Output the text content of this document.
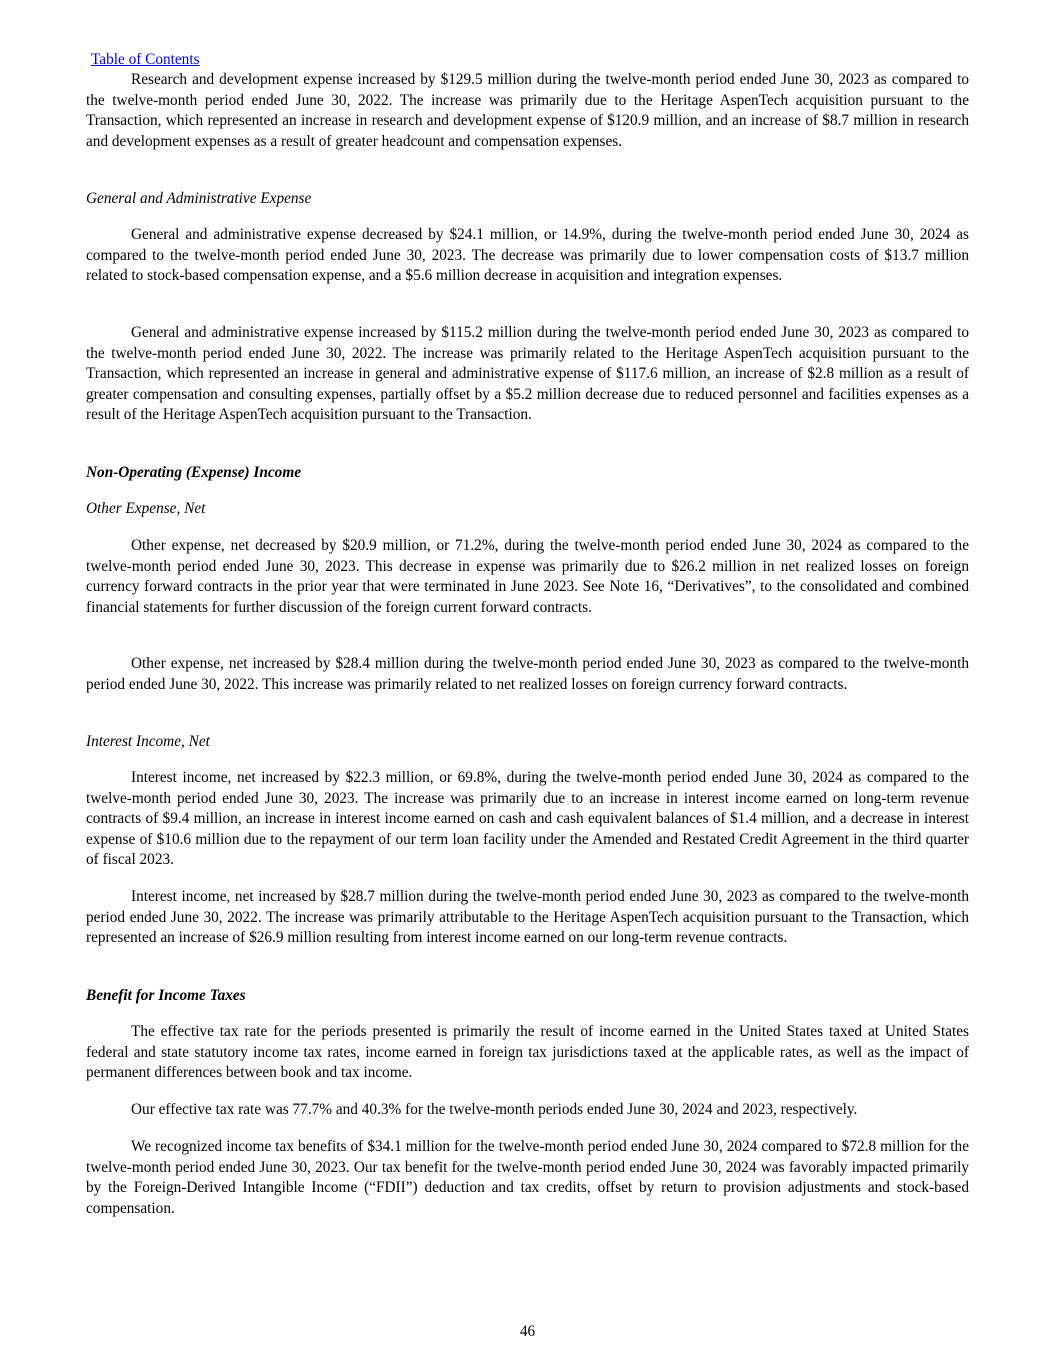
Table of Contents

Research and development expense increased by $129.5 million during the twelve-month period ended June 30, 2023 as compared to the twelve-month period ended June 30, 2022. The increase was primarily due to the Heritage AspenTech acquisition pursuant to the Transaction, which represented an increase in research and development expense of $120.9 million, and an increase of $8.7 million in research and development expenses as a result of greater headcount and compensation expenses.

General and Administrative Expense

General and administrative expense decreased by $24.1 million, or 14.9%, during the twelve-month period ended June 30, 2024 as compared to the twelve-month period ended June 30, 2023. The decrease was primarily due to lower compensation costs of $13.7 million related to stock-based compensation expense, and a $5.6 million decrease in acquisition and integration expenses.

General and administrative expense increased by $115.2 million during the twelve-month period ended June 30, 2023 as compared to the twelve-month period ended June 30, 2022. The increase was primarily related to the Heritage AspenTech acquisition pursuant to the Transaction, which represented an increase in general and administrative expense of $117.6 million, an increase of $2.8 million as a result of greater compensation and consulting expenses, partially offset by a $5.2 million decrease due to reduced personnel and facilities expenses as a result of the Heritage AspenTech acquisition pursuant to the Transaction.

Non-Operating (Expense) Income

Other Expense, Net

Other expense, net decreased by $20.9 million, or 71.2%, during the twelve-month period ended June 30, 2024 as compared to the twelve-month period ended June 30, 2023. This decrease in expense was primarily due to $26.2 million in net realized losses on foreign currency forward contracts in the prior year that were terminated in June 2023. See Note 16, “Derivatives”, to the consolidated and combined financial statements for further discussion of the foreign current forward contracts.

Other expense, net increased by $28.4 million during the twelve-month period ended June 30, 2023 as compared to the twelve-month period ended June 30, 2022. This increase was primarily related to net realized losses on foreign currency forward contracts.

Interest Income, Net

Interest income, net increased by $22.3 million, or 69.8%, during the twelve-month period ended June 30, 2024 as compared to the twelve-month period ended June 30, 2023. The increase was primarily due to an increase in interest income earned on long-term revenue contracts of $9.4 million, an increase in interest income earned on cash and cash equivalent balances of $1.4 million, and a decrease in interest expense of $10.6 million due to the repayment of our term loan facility under the Amended and Restated Credit Agreement in the third quarter of fiscal 2023.

Interest income, net increased by $28.7 million during the twelve-month period ended June 30, 2023 as compared to the twelve-month period ended June 30, 2022. The increase was primarily attributable to the Heritage AspenTech acquisition pursuant to the Transaction, which represented an increase of $26.9 million resulting from interest income earned on our long-term revenue contracts.

Benefit for Income Taxes

The effective tax rate for the periods presented is primarily the result of income earned in the United States taxed at United States federal and state statutory income tax rates, income earned in foreign tax jurisdictions taxed at the applicable rates, as well as the impact of permanent differences between book and tax income.

Our effective tax rate was 77.7% and 40.3% for the twelve-month periods ended June 30, 2024 and 2023, respectively.

We recognized income tax benefits of $34.1 million for the twelve-month period ended June 30, 2024 compared to $72.8 million for the twelve-month period ended June 30, 2023. Our tax benefit for the twelve-month period ended June 30, 2024 was favorably impacted primarily by the Foreign-Derived Intangible Income (“FDII”) deduction and tax credits, offset by return to provision adjustments and stock-based compensation.

46
